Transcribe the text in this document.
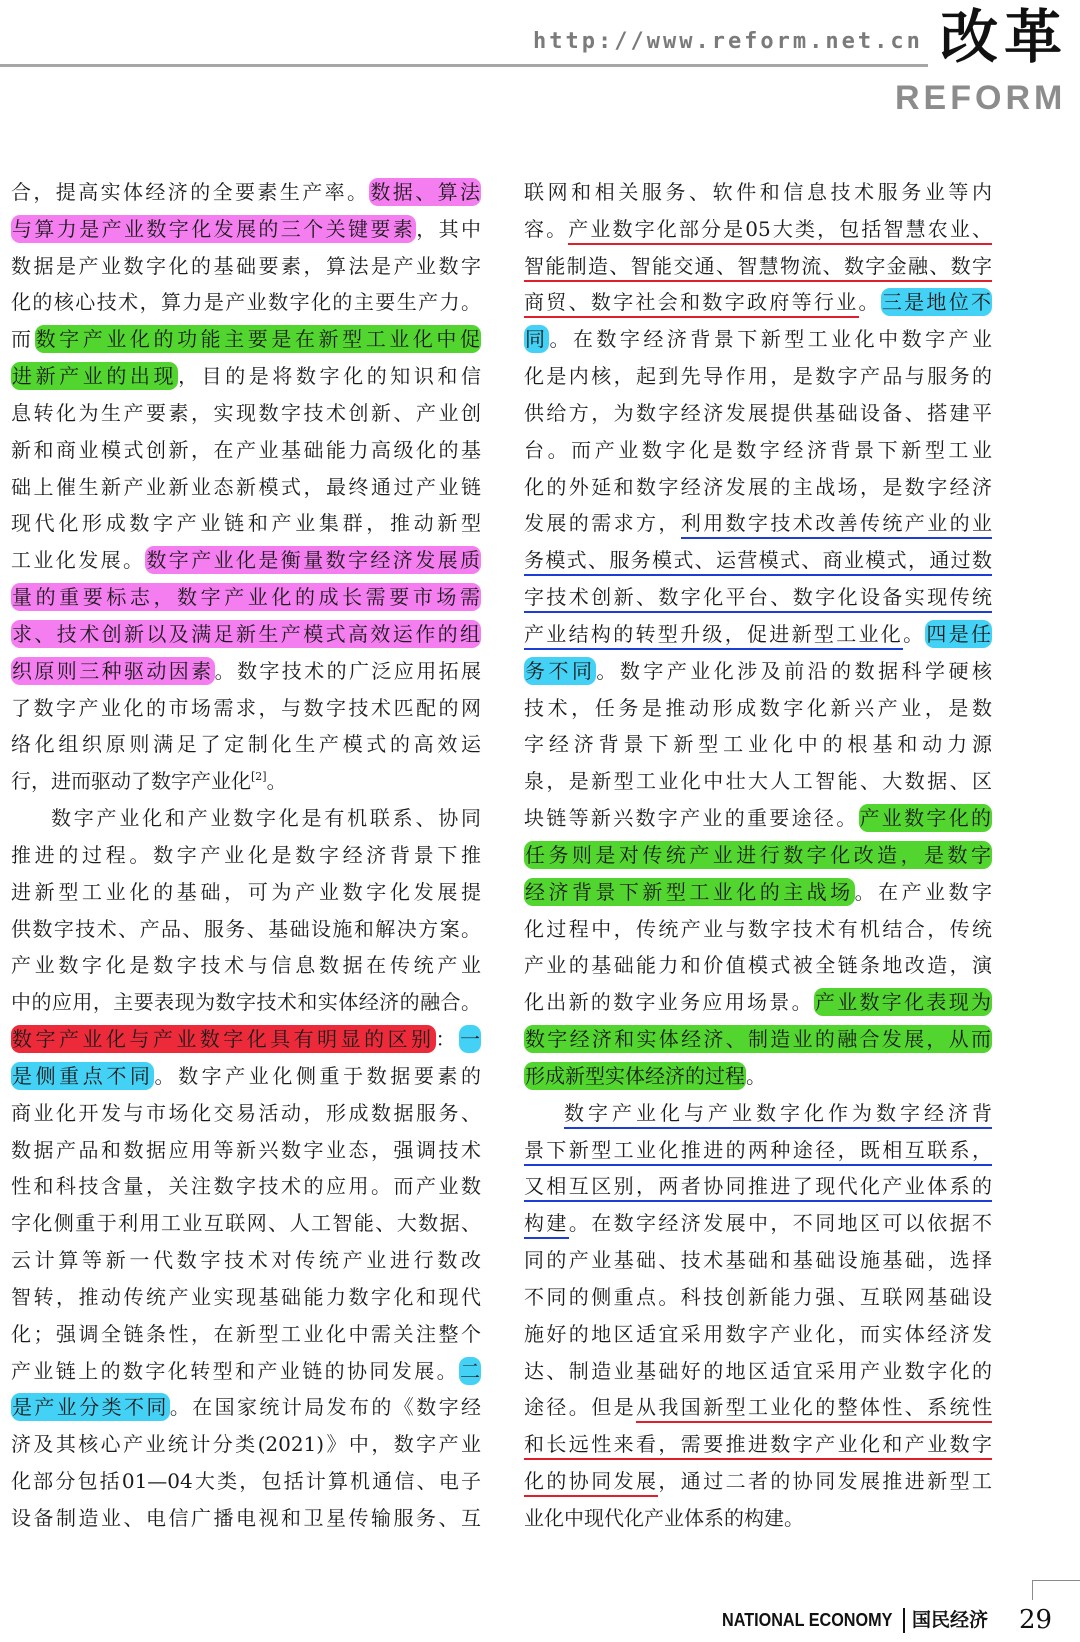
http://www.reform.net.cn 改革
REFORM
合，提高实体经济的全要素生产率。数据、算法
与算力是产业数字化发展的三个关键要素，其中
数据是产业数字化的基础要素，算法是产业数字
化的核心技术，算力是产业数字化的主要生产力。
而数字产业化的功能主要是在新型工业化中促
进新产业的出现，目的是将数字化的知识和信
息转化为生产要素，实现数字技术创新、产业创
新和商业模式创新，在产业基础能力高级化的基
础上催生新产业新业态新模式，最终通过产业链
现代化形成数字产业链和产业集群，推动新型
工业化发展。数字产业化是衡量数字经济发展质
量的重要标志，数字产业化的成长需要市场需
求、技术创新以及满足新生产模式高效运作的组
织原则三种驱动因素。数字技术的广泛应用拓展
了数字产业化的市场需求，与数字技术匹配的网
络化组织原则满足了定制化生产模式的高效运
行，进而驱动了数字产业化[2]。
数字产业化和产业数字化是有机联系、协同
推进的过程。数字产业化是数字经济背景下推
进新型工业化的基础，可为产业数字化发展提
供数字技术、产品、服务、基础设施和解决方案。
产业数字化是数字技术与信息数据在传统产业
中的应用，主要表现为数字技术和实体经济的融合。
数字产业化与产业数字化具有明显的区别：一
是侧重点不同。数字产业化侧重于数据要素的
商业化开发与市场化交易活动，形成数据服务、
数据产品和数据应用等新兴数字业态，强调技术
性和科技含量，关注数字技术的应用。而产业数
字化侧重于利用工业互联网、人工智能、大数据、
云计算等新一代数字技术对传统产业进行数改
智转，推动传统产业实现基础能力数字化和现代
化；强调全链条性，在新型工业化中需关注整个
产业链上的数字化转型和产业链的协同发展。二
是产业分类不同。在国家统计局发布的《数字经
济及其核心产业统计分类(2021)》中，数字产业
化部分包括01—04大类，包括计算机通信、电子
设备制造业、电信广播电视和卫星传输服务、互
联网和相关服务、软件和信息技术服务业等内
容。产业数字化部分是05大类，包括智慧农业、
智能制造、智能交通、智慧物流、数字金融、数字
商贸、数字社会和数字政府等行业。三是地位不
同。在数字经济背景下新型工业化中数字产业
化是内核，起到先导作用，是数字产品与服务的
供给方，为数字经济发展提供基础设备、搭建平
台。而产业数字化是数字经济背景下新型工业
化的外延和数字经济发展的主战场，是数字经济
发展的需求方，利用数字技术改善传统产业的业
务模式、服务模式、运营模式、商业模式，通过数
字技术创新、数字化平台、数字化设备实现传统
产业结构的转型升级，促进新型工业化。四是任
务不同。数字产业化涉及前沿的数据科学硬核
技术，任务是推动形成数字化新兴产业，是数
字经济背景下新型工业化中的根基和动力源
泉，是新型工业化中壮大人工智能、大数据、区
块链等新兴数字产业的重要途径。产业数字化的
任务则是对传统产业进行数字化改造，是数字
经济背景下新型工业化的主战场。在产业数字
化过程中，传统产业与数字技术有机结合，传统
产业的基础能力和价值模式被全链条地改造，演
化出新的数字业务应用场景。产业数字化表现为
数字经济和实体经济、制造业的融合发展，从而
形成新型实体经济的过程。
数字产业化与产业数字化作为数字经济背
景下新型工业化推进的两种途径，既相互联系，
又相互区别，两者协同推进了现代化产业体系的
构建。在数字经济发展中，不同地区可以依据不
同的产业基础、技术基础和基础设施基础，选择
不同的侧重点。科技创新能力强、互联网基础设
施好的地区适宜采用数字产业化，而实体经济发
达、制造业基础好的地区适宜采用产业数字化的
途径。但是从我国新型工业化的整体性、系统性
和长远性来看，需要推进数字产业化和产业数字
化的协同发展，通过二者的协同发展推进新型工
业化中现代化产业体系的构建。
NATIONAL ECONOMY 国民经济 29
